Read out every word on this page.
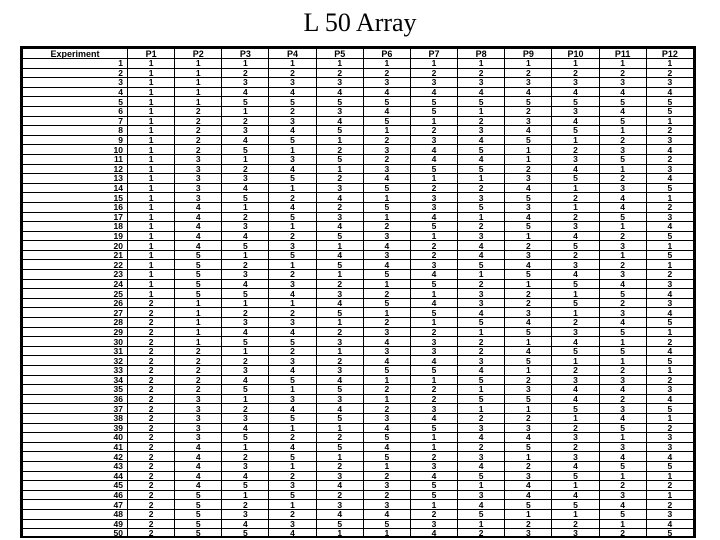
L 50 Array
Experiment	P1	P2	P3	P4	P5	P6	P7	P8	P9	P10	P11	P12
1	1	1	1	1	1	1	1	1	1	1	1	1
2	1	1	2	2	2	2	2	2	2	2	2	2
3	1	1	3	3	3	3	3	3	3	3	3	3
4	1	1	4	4	4	4	4	4	4	4	4	4
5	1	1	5	5	5	5	5	5	5	5	5	5
6	1	2	1	2	3	4	5	1	2	3	4	5
7	1	2	2	3	4	5	1	2	3	4	5	1
8	1	2	3	4	5	1	2	3	4	5	1	2
9	1	2	4	5	1	2	3	4	5	1	2	3
10	1	2	5	1	2	3	4	5	1	2	3	4
11	1	3	1	3	5	2	4	4	1	3	5	2
12	1	3	2	4	1	3	5	5	2	4	1	3
13	1	3	3	5	2	4	1	1	3	5	2	4
14	1	3	4	1	3	5	2	2	4	1	3	5
15	1	3	5	2	4	1	3	3	5	2	4	1
16	1	4	1	4	2	5	3	5	3	1	4	2
17	1	4	2	5	3	1	4	1	4	2	5	3
18	1	4	3	1	4	2	5	2	5	3	1	4
19	1	4	4	2	5	3	1	3	1	4	2	5
20	1	4	5	3	1	4	2	4	2	5	3	1
21	1	5	1	5	4	3	2	4	3	2	1	5
22	1	5	2	1	5	4	3	5	4	3	2	1
23	1	5	3	2	1	5	4	1	5	4	3	2
24	1	5	4	3	2	1	5	2	1	5	4	3
25	1	5	5	4	3	2	1	3	2	1	5	4
26	2	1	1	1	4	5	4	3	2	5	2	3
27	2	1	2	2	5	1	5	4	3	1	3	4
28	2	1	3	3	1	2	1	5	4	2	4	5
29	2	1	4	4	2	3	2	1	5	3	5	1
30	2	1	5	5	3	4	3	2	1	4	1	2
31	2	2	1	2	1	3	3	2	4	5	5	4
32	2	2	2	3	2	4	4	3	5	1	1	5
33	2	2	3	4	3	5	5	4	1	2	2	1
34	2	2	4	5	4	1	1	5	2	3	3	2
35	2	2	5	1	5	2	2	1	3	4	4	3
36	2	3	1	3	3	1	2	5	5	4	2	4
37	2	3	2	4	4	2	3	1	1	5	3	5
38	2	3	3	5	5	3	4	2	2	1	4	1
39	2	3	4	1	1	4	5	3	3	2	5	2
40	2	3	5	2	2	5	1	4	4	3	1	3
41	2	4	1	4	5	4	1	2	5	2	3	3
42	2	4	2	5	1	5	2	3	1	3	4	4
43	2	4	3	1	2	1	3	4	2	4	5	5
44	2	4	4	2	3	2	4	5	3	5	1	1
45	2	4	5	3	4	3	5	1	4	1	2	2
46	2	5	1	5	2	2	5	3	4	4	3	1
47	2	5	2	1	3	3	1	4	5	5	4	2
48	2	5	3	2	4	4	2	5	1	1	5	3
49	2	5	4	3	5	5	3	1	2	2	1	4
50	2	5	5	4	1	1	4	2	3	3	2	5
